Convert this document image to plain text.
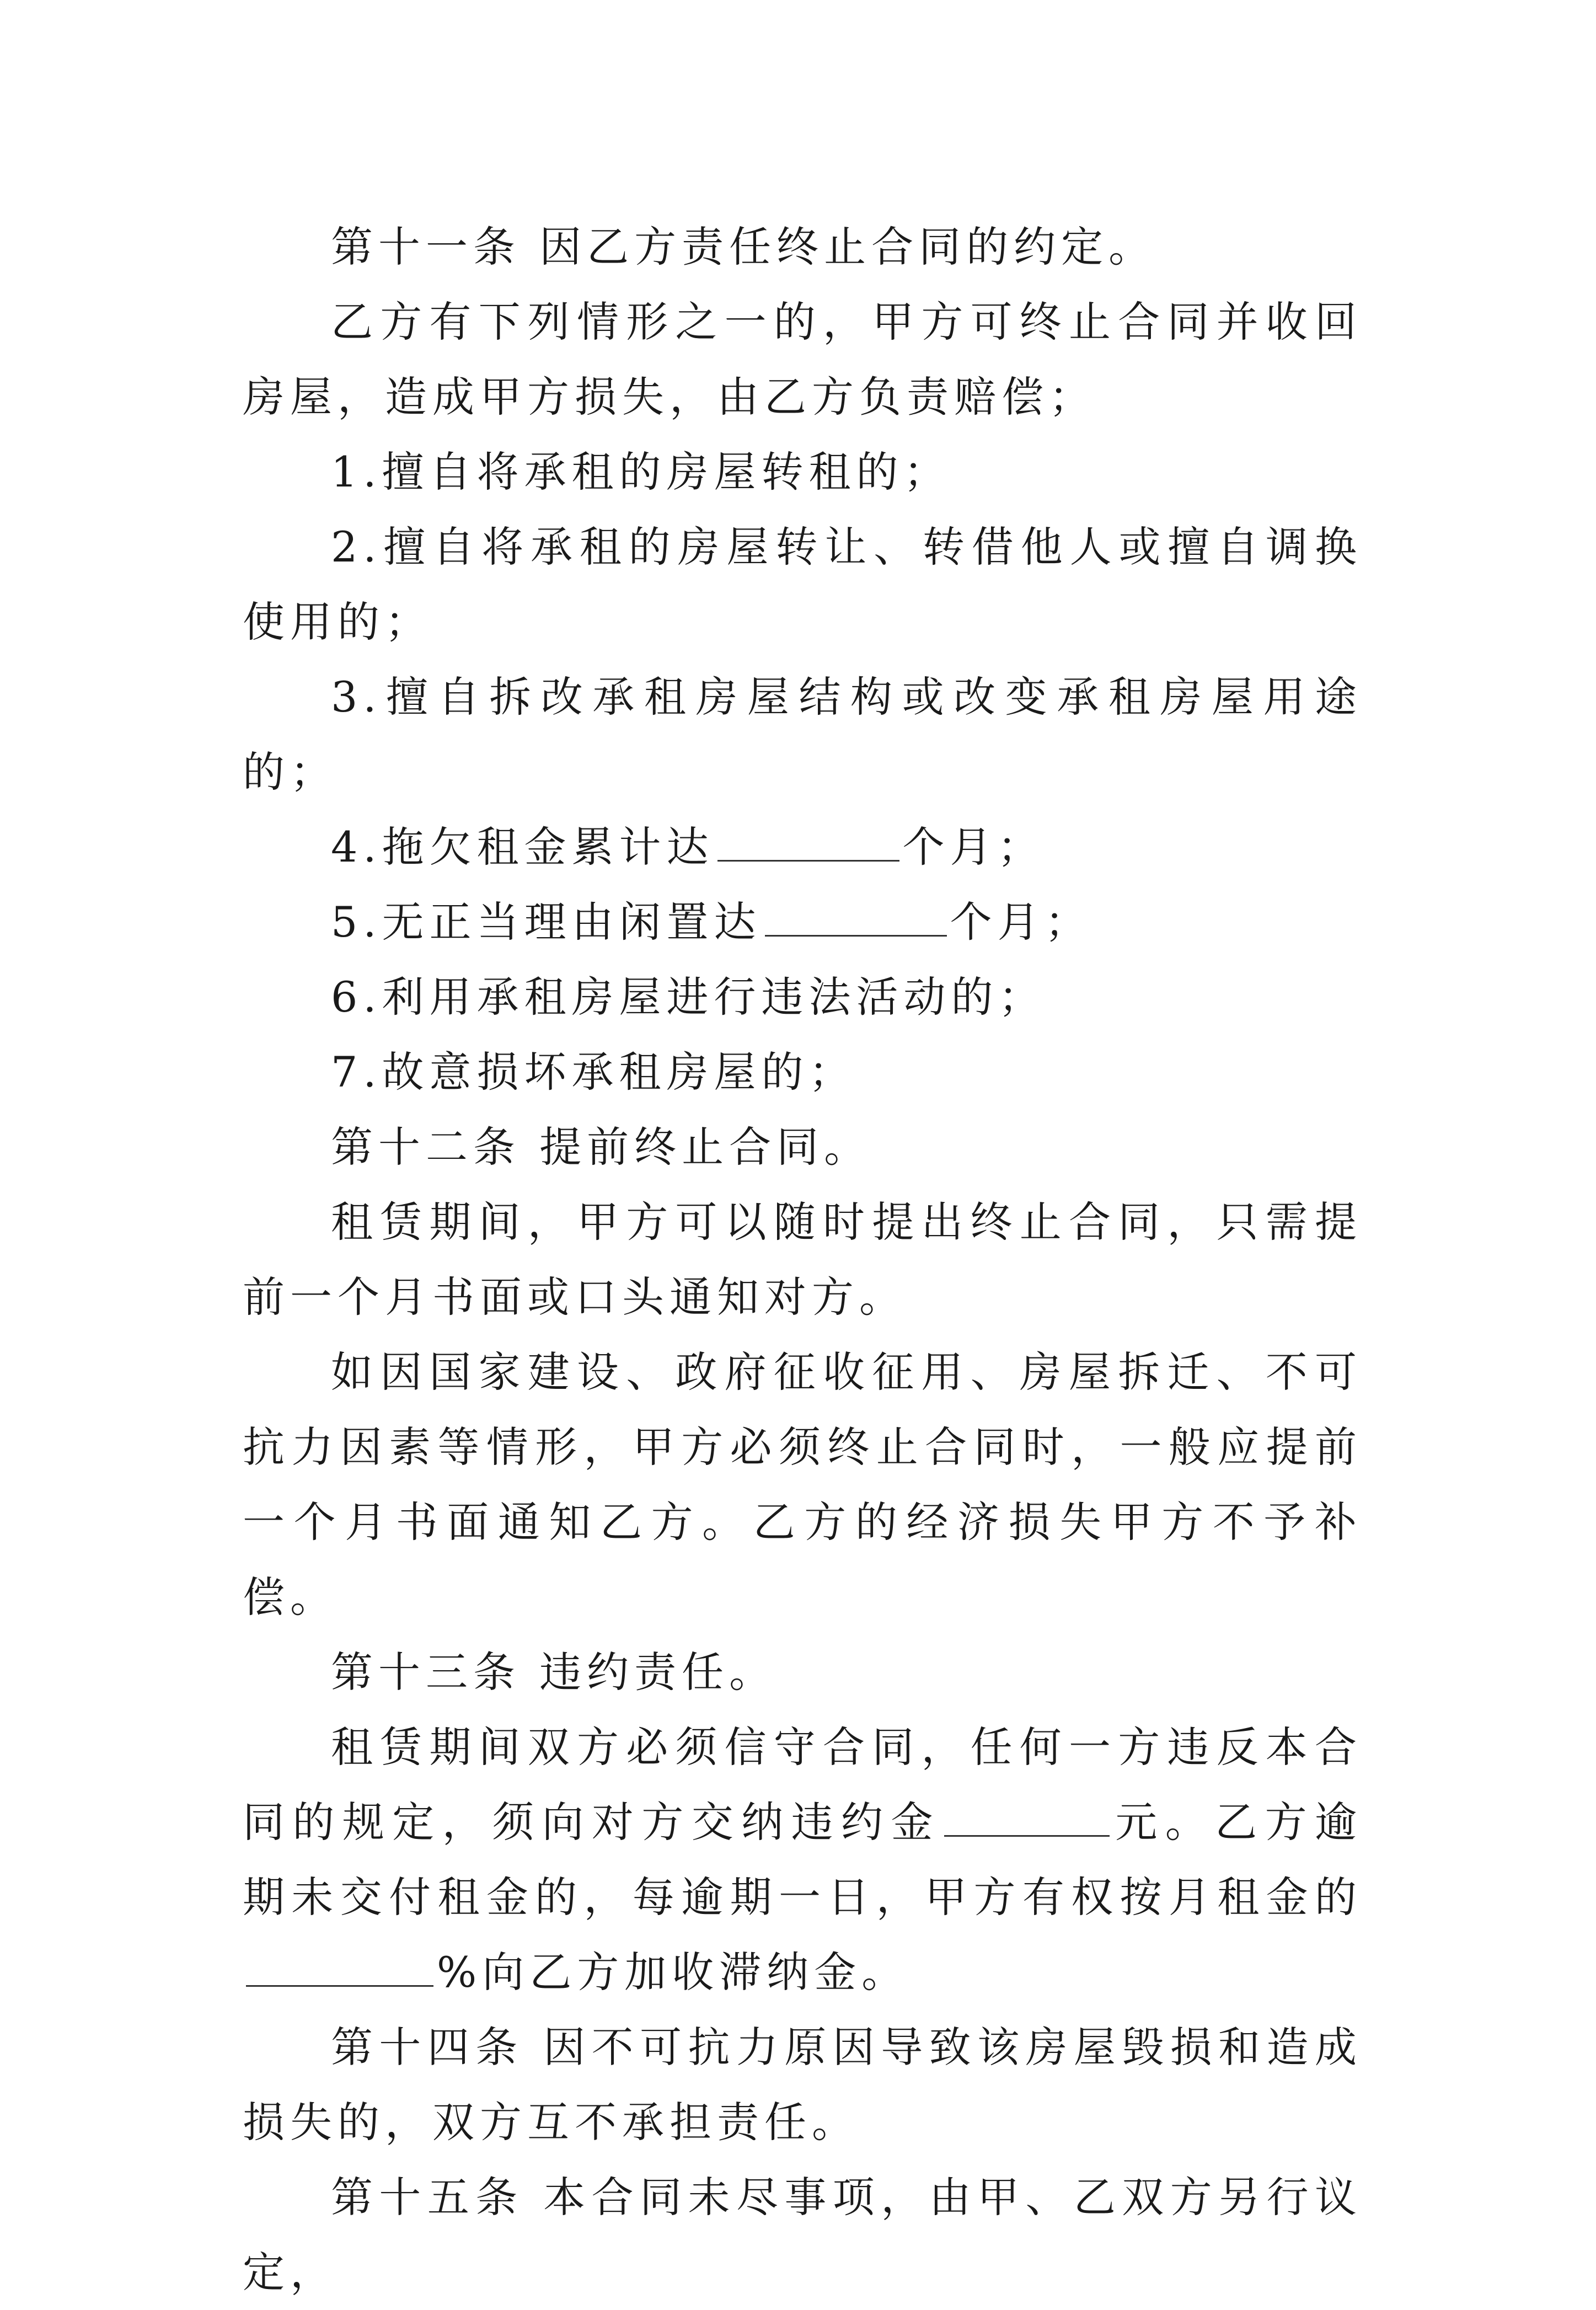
第十一条 因乙方责任终止合同的约定。

乙方有下列情形之一的，甲方可终止合同并收回房屋，造成甲方损失，由乙方负责赔偿；

1.擅自将承租的房屋转租的；

2.擅自将承租的房屋转让、转借他人或擅自调换使用的；

3.擅自拆改承租房屋结构或改变承租房屋用途的；

4.拖欠租金累计达	个月；

5.无正当理由闲置达	个月；

6.利用承租房屋进行违法活动的；

7.故意损坏承租房屋的；

第十二条 提前终止合同。

租赁期间，甲方可以随时提出终止合同，只需提前一个月书面或口头通知对方。

如因国家建设、政府征收征用、房屋拆迁、不可抗力因素等情形，甲方必须终止合同时，一般应提前一个月书面通知乙方。乙方的经济损失甲方不予补偿。

第十三条 违约责任。

租赁期间双方必须信守合同，任何一方违反本合同的规定，须向对方交纳违约金	元。乙方逾期未交付租金的，每逾期一日，甲方有权按月租金的%向乙方加收滞纳金。

第十四条 因不可抗力原因导致该房屋毁损和造成损失的，双方互不承担责任。

第十五条 本合同未尽事项，由甲、乙双方另行议定，
